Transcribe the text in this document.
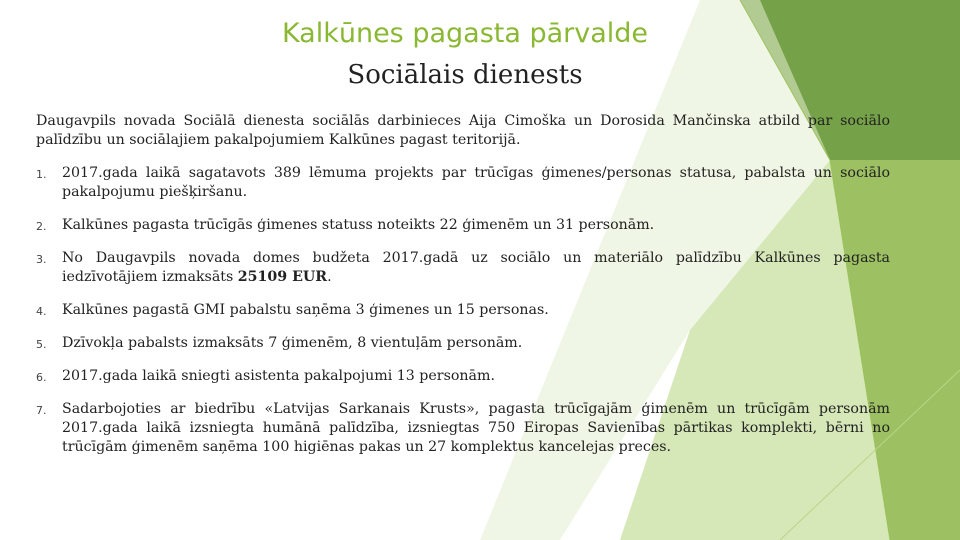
Kalkūnes pagasta pārvalde
Sociālais dienests

Daugavpils novada Sociālā dienesta sociālās darbinieces Aija Cimoška un Dorosida Mančinska atbild par sociālo palīdzību un sociālajiem pakalpojumiem Kalkūnes pagast teritorijā.

1. 2017.gada laikā sagatavots 389 lēmuma projekts par trūcīgas ģimenes/personas statusa, pabalsta un sociālo pakalpojumu piešķiršanu.
2. Kalkūnes pagasta trūcīgās ģimenes statuss noteikts 22 ģimenēm un 31 personām.
3. No Daugavpils novada domes budžeta 2017.gadā uz sociālo un materiālo palīdzību Kalkūnes pagasta iedzīvotājiem izmaksāts 25109 EUR.
4. Kalkūnes pagastā GMI pabalstu saņēma 3 ģimenes un 15 personas.
5. Dzīvokļa pabalsts izmaksāts 7 ģimenēm, 8 vientuļām personām.
6. 2017.gada laikā sniegti asistenta pakalpojumi 13 personām.
7. Sadarbojoties ar biedrību «Latvijas Sarkanais Krusts», pagasta trūcīgajām ģimenēm un trūcīgām personām 2017.gada laikā izsniegta humānā palīdzība, izsniegtas 750 Eiropas Savienības pārtikas komplekti, bērni no trūcīgām ģimenēm saņēma 100 higiēnas pakas un 27 komplektus kancelejas preces.
